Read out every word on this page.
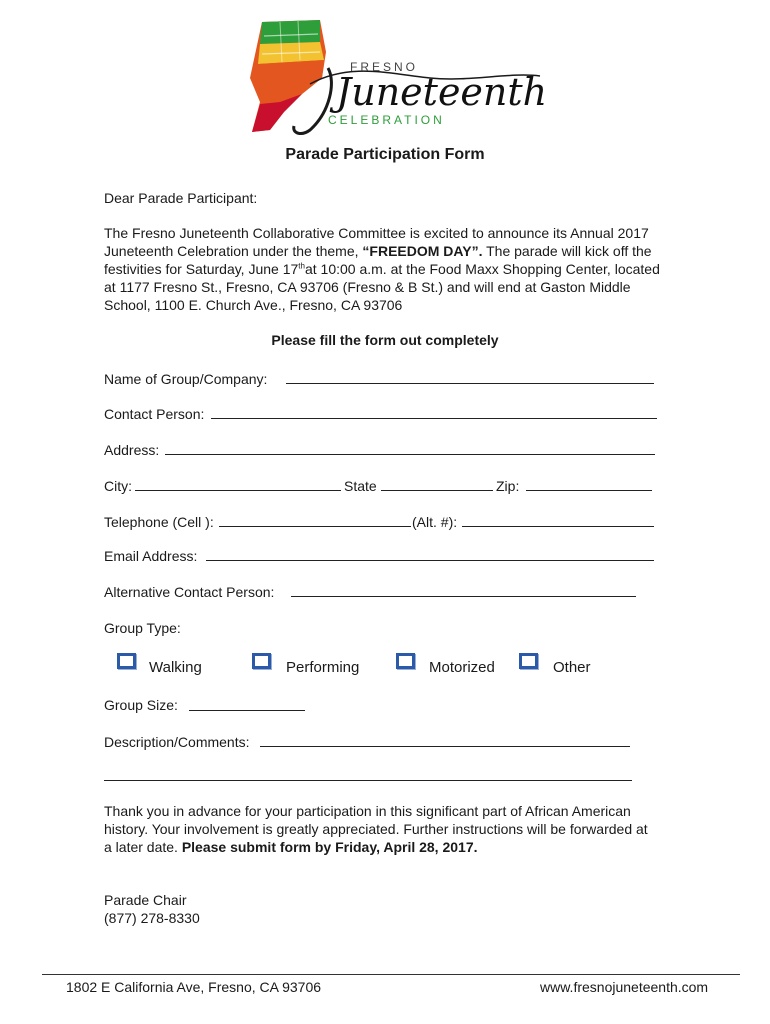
FRESNO
Juneteenth
CELEBRATION
Parade Participation Form
Dear Parade Participant:
The Fresno Juneteenth Collaborative Committee is excited to announce its Annual 2017 Juneteenth Celebration under the theme, “FREEDOM DAY”. The parade will kick off the festivities for Saturday, June 17that 10:00 a.m. at the Food Maxx Shopping Center, located at 1177 Fresno St., Fresno, CA 93706 (Fresno & B St.) and will end at Gaston Middle School, 1100 E. Church Ave., Fresno, CA 93706
Please fill the form out completely
Name of Group/Company:
Contact Person:
Address:
City:	State	Zip:
Telephone (Cell ):	(Alt. #):
Email Address:
Alternative Contact Person:
Group Type:
Walking	Performing	Motorized	Other
Group Size:
Description/Comments:
Thank you in advance for your participation in this significant part of African American history. Your involvement is greatly appreciated. Further instructions will be forwarded at a later date. Please submit form by Friday, April 28, 2017.
Parade Chair
(877) 278-8330
1802 E California Ave, Fresno, CA 93706	www.fresnojuneteenth.com
